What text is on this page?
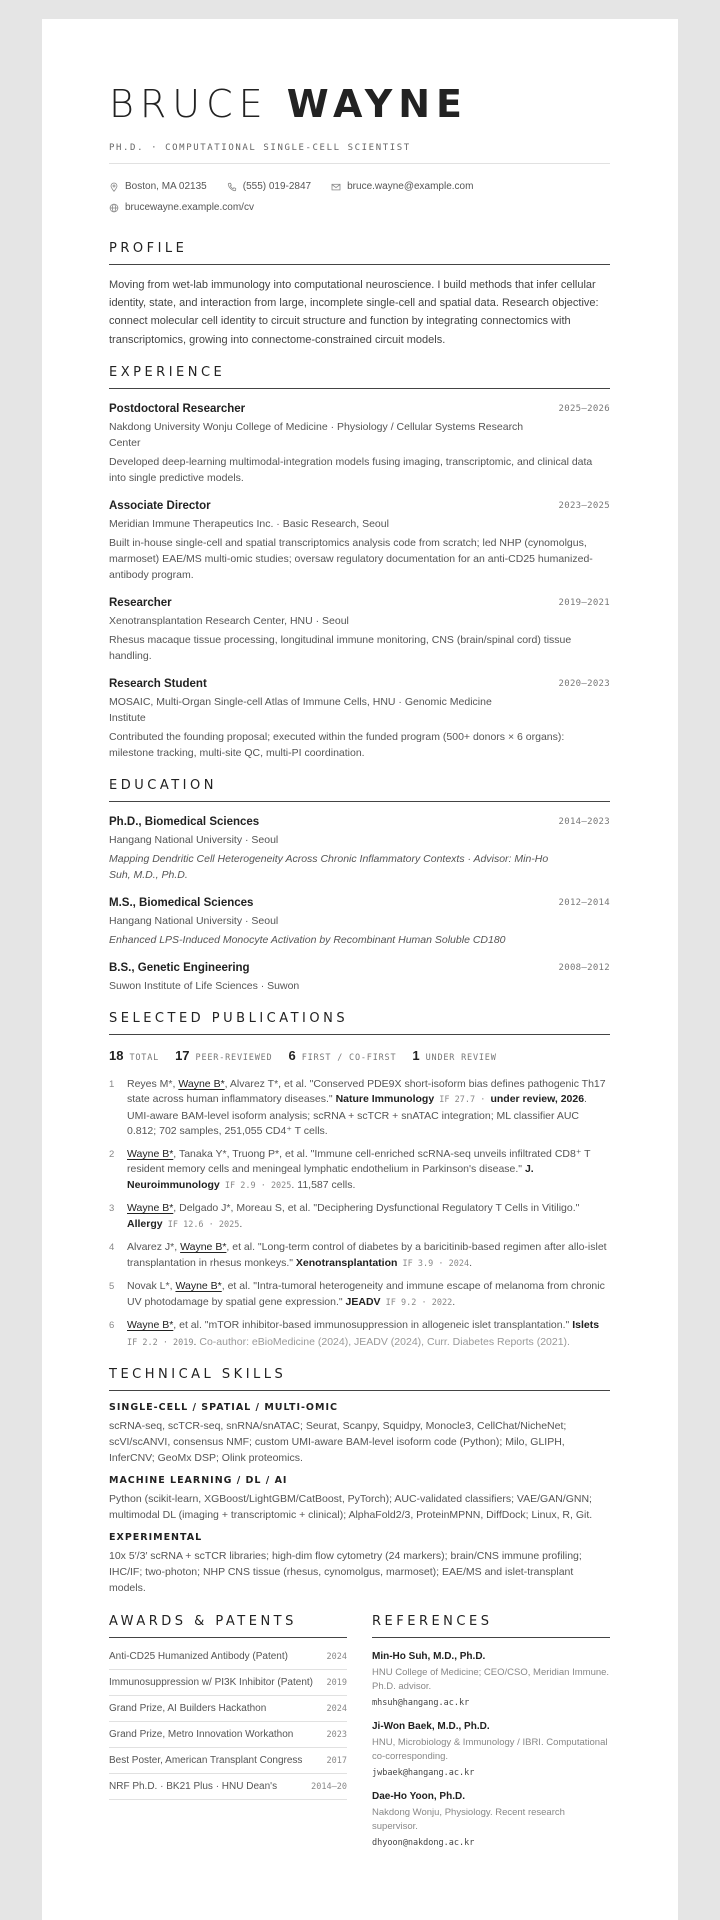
BRUCE WAYNE
PH.D. · COMPUTATIONAL SINGLE-CELL SCIENTIST
Boston, MA 02135	(555) 019-2847	bruce.wayne@example.com
brucewayne.example.com/cv
PROFILE
Moving from wet-lab immunology into computational neuroscience. I build methods that infer cellular identity, state, and interaction from large, incomplete single-cell and spatial data. Research objective: connect molecular cell identity to circuit structure and function by integrating connectomics with transcriptomics, growing into connectome-constrained circuit models.
EXPERIENCE
Postdoctoral Researcher	2025–2026
Nakdong University Wonju College of Medicine · Physiology / Cellular Systems Research Center
Developed deep-learning multimodal-integration models fusing imaging, transcriptomic, and clinical data into single predictive models.
Associate Director	2023–2025
Meridian Immune Therapeutics Inc. · Basic Research, Seoul
Built in-house single-cell and spatial transcriptomics analysis code from scratch; led NHP (cynomolgus, marmoset) EAE/MS multi-omic studies; oversaw regulatory documentation for an anti-CD25 humanized-antibody program.
Researcher	2019–2021
Xenotransplantation Research Center, HNU · Seoul
Rhesus macaque tissue processing, longitudinal immune monitoring, CNS (brain/spinal cord) tissue handling.
Research Student	2020–2023
MOSAIC, Multi-Organ Single-cell Atlas of Immune Cells, HNU · Genomic Medicine Institute
Contributed the founding proposal; executed within the funded program (500+ donors × 6 organs): milestone tracking, multi-site QC, multi-PI coordination.
EDUCATION
Ph.D., Biomedical Sciences	2014–2023
Hangang National University · Seoul
Mapping Dendritic Cell Heterogeneity Across Chronic Inflammatory Contexts · Advisor: Min-Ho Suh, M.D., Ph.D.
M.S., Biomedical Sciences	2012–2014
Hangang National University · Seoul
Enhanced LPS-Induced Monocyte Activation by Recombinant Human Soluble CD180
B.S., Genetic Engineering	2008–2012
Suwon Institute of Life Sciences · Suwon
SELECTED PUBLICATIONS
18 TOTAL 17 PEER-REVIEWED 6 FIRST / CO-FIRST 1 UNDER REVIEW
1 Reyes M*, Wayne B*, Alvarez T*, et al. "Conserved PDE9X short-isoform bias defines pathogenic Th17 state across human inflammatory diseases." Nature Immunology IF 27.7 · under review, 2026. UMI-aware BAM-level isoform analysis; scRNA + scTCR + snATAC integration; ML classifier AUC 0.812; 702 samples, 251,055 CD4⁺ T cells.
2 Wayne B*, Tanaka Y*, Truong P*, et al. "Immune cell-enriched scRNA-seq unveils infiltrated CD8⁺ T resident memory cells and meningeal lymphatic endothelium in Parkinson's disease." J. Neuroimmunology IF 2.9 · 2025. 11,587 cells.
3 Wayne B*, Delgado J*, Moreau S, et al. "Deciphering Dysfunctional Regulatory T Cells in Vitiligo." Allergy IF 12.6 · 2025.
4 Alvarez J*, Wayne B*, et al. "Long-term control of diabetes by a baricitinib-based regimen after allo-islet transplantation in rhesus monkeys." Xenotransplantation IF 3.9 · 2024.
5 Novak L*, Wayne B*, et al. "Intra-tumoral heterogeneity and immune escape of melanoma from chronic UV photodamage by spatial gene expression." JEADV IF 9.2 · 2022.
6 Wayne B*, et al. "mTOR inhibitor-based immunosuppression in allogeneic islet transplantation." Islets IF 2.2 · 2019. Co-author: eBioMedicine (2024), JEADV (2024), Curr. Diabetes Reports (2021).
TECHNICAL SKILLS
SINGLE-CELL / SPATIAL / MULTI-OMIC
scRNA-seq, scTCR-seq, snRNA/snATAC; Seurat, Scanpy, Squidpy, Monocle3, CellChat/NicheNet; scVI/scANVI, consensus NMF; custom UMI-aware BAM-level isoform code (Python); Milo, GLIPH, InferCNV; GeoMx DSP; Olink proteomics.
MACHINE LEARNING / DL / AI
Python (scikit-learn, XGBoost/LightGBM/CatBoost, PyTorch); AUC-validated classifiers; VAE/GAN/GNN; multimodal DL (imaging + transcriptomic + clinical); AlphaFold2/3, ProteinMPNN, DiffDock; Linux, R, Git.
EXPERIMENTAL
10x 5′/3′ scRNA + scTCR libraries; high-dim flow cytometry (24 markers); brain/CNS immune profiling; IHC/IF; two-photon; NHP CNS tissue (rhesus, cynomolgus, marmoset); EAE/MS and islet-transplant models.
AWARDS & PATENTS
Anti-CD25 Humanized Antibody (Patent)	2024
Immunosuppression w/ PI3K Inhibitor (Patent)	2019
Grand Prize, AI Builders Hackathon	2024
Grand Prize, Metro Innovation Workathon	2023
Best Poster, American Transplant Congress	2017
NRF Ph.D. · BK21 Plus · HNU Dean's	2014–20
REFERENCES
Min-Ho Suh, M.D., Ph.D.
HNU College of Medicine; CEO/CSO, Meridian Immune. Ph.D. advisor.
mhsuh@hangang.ac.kr
Ji-Won Baek, M.D., Ph.D.
HNU, Microbiology & Immunology / IBRI. Computational co-corresponding.
jwbaek@hangang.ac.kr
Dae-Ho Yoon, Ph.D.
Nakdong Wonju, Physiology. Recent research supervisor.
dhyoon@nakdong.ac.kr
